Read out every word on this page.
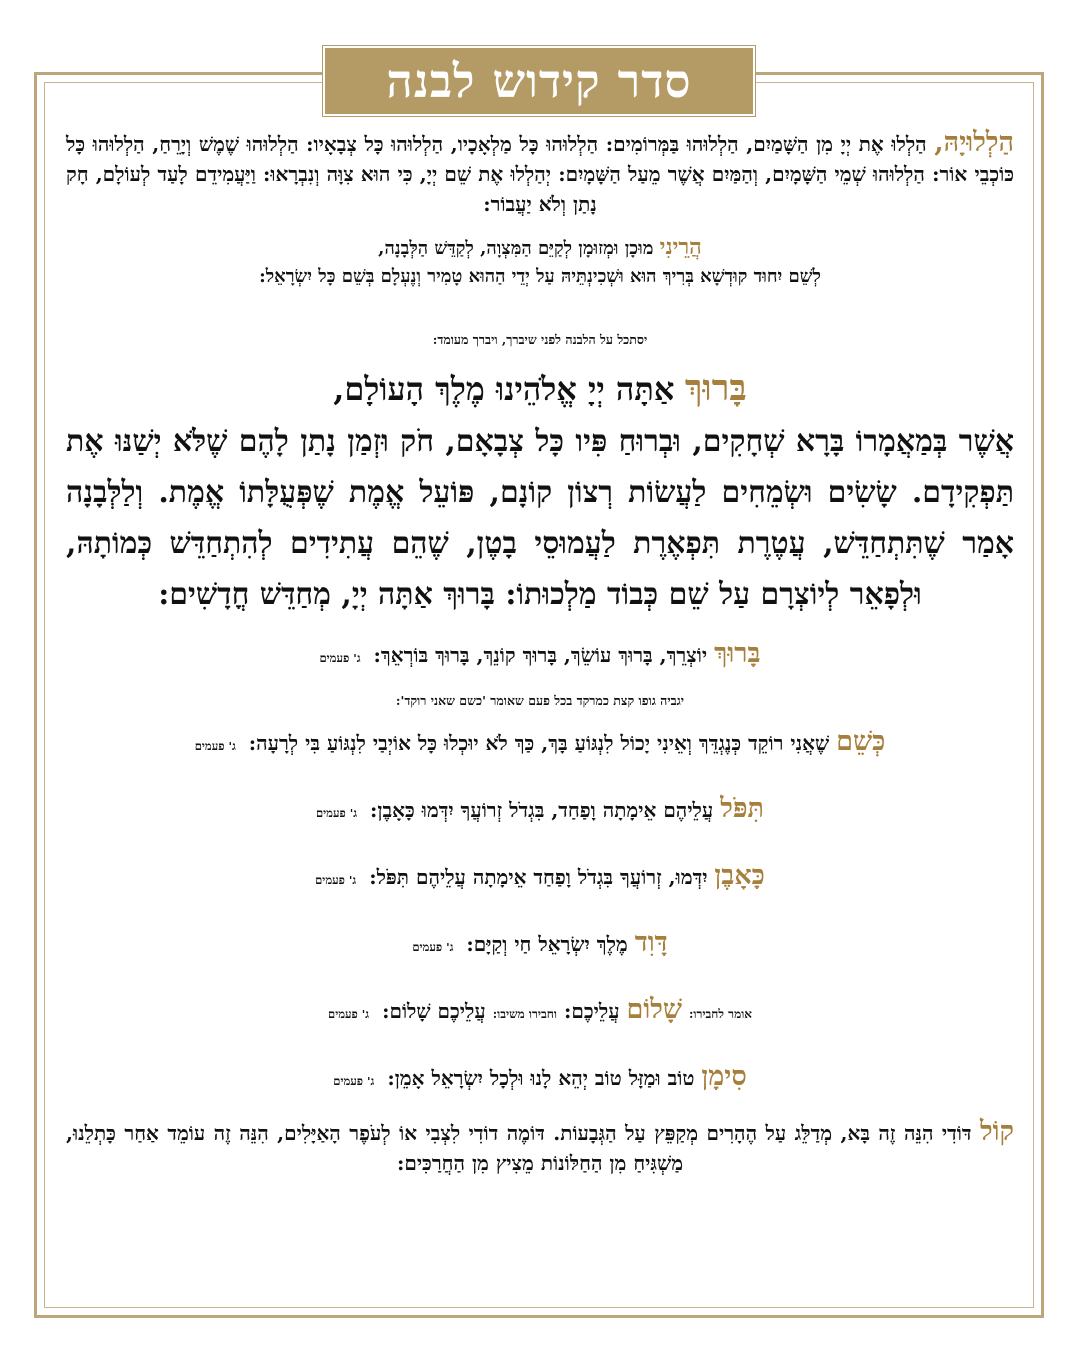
סדר קידוש לבנה

הַלְלוּיָהּ, הַלְלוּ אֶת יְיָ מִן הַשָּׁמַיִם, הַלְלוּהוּ בַּמְּרוֹמִים: הַלְלוּהוּ כָּל מַלְאָכָיו, הַלְלוּהוּ כָּל צְבָאָיו: הַלְלוּהוּ שֶׁמֶשׁ וְיָרֵחַ, הַלְלוּהוּ כָּל כּוֹכְבֵי אוֹר: הַלְלוּהוּ שְׁמֵי הַשָּׁמָיִם, וְהַמַּיִם אֲשֶׁר מֵעַל הַשָּׁמָיִם: יְהַלְלוּ אֶת שֵׁם יְיָ, כִּי הוּא צִוָּה וְנִבְרָאוּ: וַיַּעֲמִידֵם לָעַד לְעוֹלָם, חָק נָתַן וְלֹא יַעֲבוֹר:

הֲרֵינִי מוּכָן וּמְזוּמָן לְקַיֵּם הַמִּצְוָה, לְקַדֵּשׁ הַלְּבָנָה,
לְשֵׁם יִחוּד קוּדְשָׁא בְּרִיךְ הוּא וּשְׁכִינְתֵּיהּ עַל יְדֵי הַהוּא טָמִיר וְנֶעְלָם בְּשֵׁם כָּל יִשְׂרָאֵל:

יסתכל על הלבנה לפני שיברך, ויברך מעומד:

בָּרוּךְ אַתָּה יְיָ אֱלֹהֵינוּ מֶלֶךְ הָעוֹלָם,
אֲשֶׁר בְּמַאֲמָרוֹ בָּרָא שְׁחָקִים, וּבְרוּחַ פִּיו כָּל צְבָאָם, חֹק וּזְמַן נָתַן לָהֶם שֶׁלֹּא יְשַׁנּוּ אֶת תַּפְקִידָם. שָׂשִׂים וּשְׂמֵחִים לַעֲשׂוֹת רְצוֹן קוֹנָם, פּוֹעֵל אֱמֶת שֶׁפְּעֻלָּתוֹ אֱמֶת. וְלַלְּבָנָה אָמַר שֶׁתִּתְחַדֵּשׁ, עֲטֶרֶת תִּפְאֶרֶת לַעֲמוּסֵי בָטֶן, שֶׁהֵם עֲתִידִים לְהִתְחַדֵּשׁ כְּמוֹתָהּ, וּלְפָאֵר לְיוֹצְרָם עַל שֵׁם כְּבוֹד מַלְכוּתוֹ: בָּרוּךְ אַתָּה יְיָ, מְחַדֵּשׁ חֳדָשִׁים:

בָּרוּךְ יוֹצְרֵךְ, בָּרוּךְ עוֹשֵׂךְ, בָּרוּךְ קוֹנֵךְ, בָּרוּךְ בּוֹרְאֵךְ: ג' פעמים

יגביה גופו קצת כמרקד בכל פעם שאומר 'כשם שאני רוקד':

כְּשֵׁם שֶׁאֲנִי רוֹקֵד כְּנֶגְדֵּךְ וְאֵינִי יָכוֹל לִנְגּוֹעַ בָּךְ, כַּךְ לֹא יוּכְלוּ כָּל אוֹיְבַי לִנְגּוֹעַ בִּי לְרָעָה: ג' פעמים

תִּפֹּל עֲלֵיהֶם אֵימָתָה וָפַחַד, בִּגְדֹל זְרוֹעֲךָ יִדְּמוּ כָּאָבֶן: ג' פעמים

כָּאָבֶן יִדְּמוּ, זְרוֹעֲךָ בִּגְדֹל וָפַחַד אֵימָתָה עֲלֵיהֶם תִּפֹּל: ג' פעמים

דָּוִד מֶלֶךְ יִשְׂרָאֵל חַי וְקַיָּם: ג' פעמים

אומר לחבירו: שָׁלוֹם עֲלֵיכֶם: וחבירו משיבו: עֲלֵיכֶם שָׁלוֹם: ג' פעמים

סִימָן טוֹב וּמַזָּל טוֹב יְהֵא לָנוּ וּלְכָל יִשְׂרָאֵל אָמֵן: ג' פעמים

קוֹל דּוֹדִי הִנֵּה זֶה בָּא, מְדַלֵּג עַל הֶהָרִים מְקַפֵּץ עַל הַגְּבָעוֹת. דּוֹמֶה דוֹדִי לִצְבִי אוֹ לְעֹפֶר הָאַיָּלִים, הִנֵּה זֶה עוֹמֵד אַחַר כָּתְלֵנוּ, מַשְׁגִּיחַ מִן הַחַלּוֹנוֹת מֵצִיץ מִן הַחֲרַכִּים:
